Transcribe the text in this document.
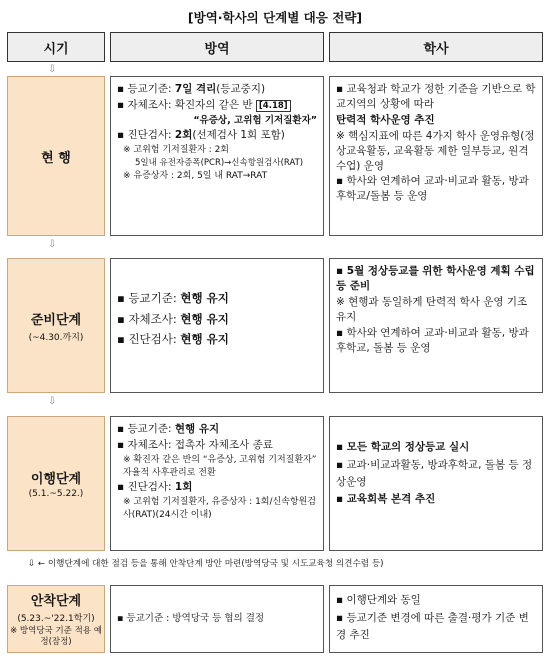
[방역·학사의 단계별 대응 전략]
시기	방역	학사
⇩
현 행
▪ 등교기준: 7일 격리(등교중지)
▪ 자체조사: 확진자의 같은 반 [4.18]
“유증상, 고위험 기저질환자”
▪ 진단검사: 2회(선제검사 1회 포함)
※ 고위험 기저질환자 : 2회
5일내 유전자증폭(PCR)→신속항원검사(RAT)
※ 유증상자 : 2회, 5일 내 RAT→RAT
▪ 교육청과 학교가 정한 기준을 기반으로 학교지역의 상황에 따라
탄력적 학사운영 추진
※ 핵심지표에 따른 4가지 학사 운영유형(정상교육활동, 교육활동 제한 일부등교, 원격수업) 운영
▪ 학사와 연계하여 교과·비교과 활동, 방과후학교/돌봄 등 운영
⇩
준비단계
(~4.30.까지)
▪ 등교기준: 현행 유지
▪ 자체조사: 현행 유지
▪ 진단검사: 현행 유지
▪ 5월 정상등교를 위한 학사운영 계획 수립 등 준비
※ 현행과 동일하게 탄력적 학사 운영 기조 유지
▪ 학사와 연계하여 교과·비교과 활동, 방과후학교, 돌봄 등 운영
⇩
이행단계
(5.1.~5.22.)
▪ 등교기준: 현행 유지
▪ 자체조사: 접촉자 자체조사 종료
※ 확진자 같은 반의 “유증상, 고위험 기저질환자” 자율적 사후관리로 전환
▪ 진단검사: 1회
※ 고위험 기저질환자, 유증상자 : 1회/신속항원검사(RAT)(24시간 이내)
▪ 모든 학교의 정상등교 실시
▪ 교과·비교과활동, 방과후학교, 돌봄 등 정상운영
▪ 교육회복 본격 추진
⇩ ← 이행단계에 대한 점검 등을 통해 안착단계 방안 마련(방역당국 및 시도교육청 의견수렴 등)
안착단계
(5.23.~'22.1학기)
※ 방역당국 기준 적용 예정(잠정)
▪ 등교기준 : 방역당국 등 협의 결정
▪ 이행단계와 동일
▪ 등교기준 변경에 따른 출결·평가 기준 변경 추진
